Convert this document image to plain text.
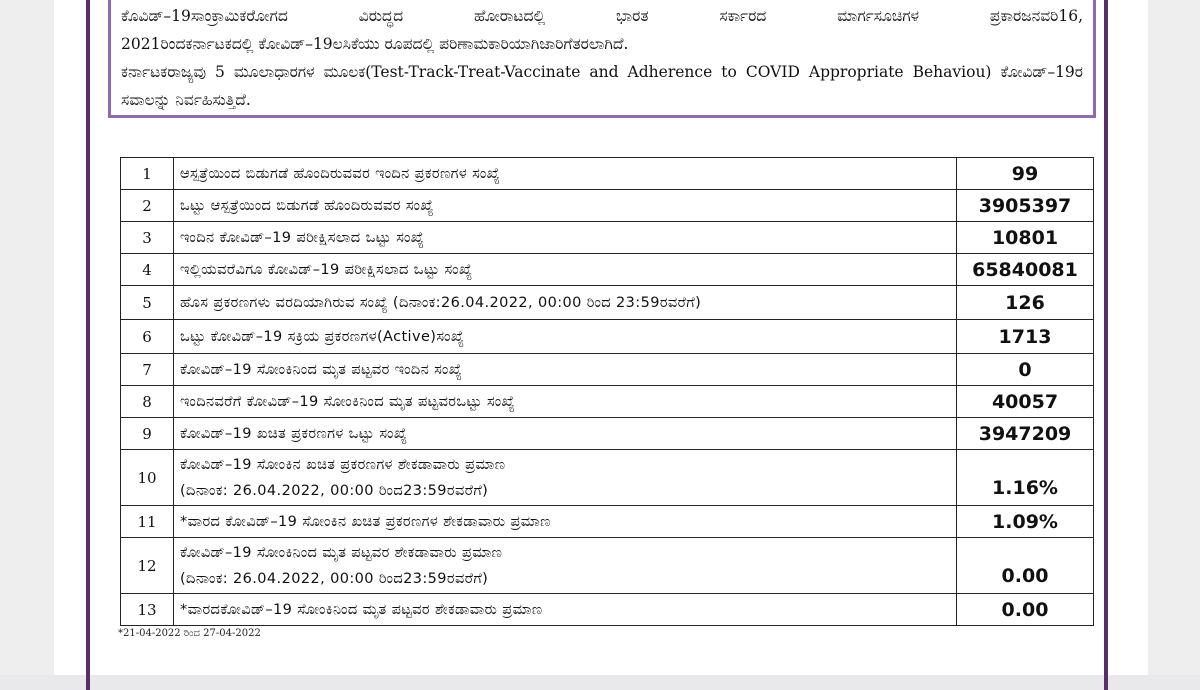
ಕೊವಿಡ್–19ಸಾಂಕ್ರಾಮಿಕರೋಗದ ವಿರುದ್ಧದ ಹೋರಾಟದಲ್ಲಿ ಭಾರತ ಸರ್ಕಾರದ ಮಾರ್ಗಸೂಚಿಗಳ ಪ್ರಕಾರಜನವರಿ16,

2021ರಿಂದಕರ್ನಾಟಕದಲ್ಲಿ ಕೋವಿಡ್–19ಲಸಿಕೆಯು ರೂಪದಲ್ಲಿ ಪರಿಣಾಮಕಾರಿಯಾಗಿಜಾರಿಗೆತರಲಾಗಿದೆ.

ಕರ್ನಾಟಕರಾಜ್ಯವು 5 ಮೂಲಾಧಾರಗಳ ಮೂಲಕ(Test-Track-Treat-Vaccinate and Adherence to COVID Appropriate Behaviou) ಕೋವಿಡ್–19ರ ಸವಾಲನ್ನು ನಿರ್ವಹಿಸುತ್ತಿದೆ.

1	ಆಸ್ಪತ್ರೆಯಿಂದ ಬಿಡುಗಡೆ ಹೊಂದಿರುವವರ ಇಂದಿನ ಪ್ರಕರಣಗಳ ಸಂಖ್ಯೆ	99
2	ಒಟ್ಟು ಆಸ್ಪತ್ರೆಯಿಂದ ಬಿಡುಗಡೆ ಹೊಂದಿರುವವರ ಸಂಖ್ಯೆ	3905397
3	ಇಂದಿನ ಕೋವಿಡ್–19 ಪರೀಕ್ಷಿಸಲಾದ ಒಟ್ಟು ಸಂಖ್ಯೆ	10801
4	ಇಲ್ಲಿಯವರೆವಿಗೂ ಕೋವಿಡ್–19 ಪರೀಕ್ಷಿಸಲಾದ ಒಟ್ಟು ಸಂಖ್ಯೆ	65840081
5	ಹೊಸ ಪ್ರಕರಣಗಳು ವರದಿಯಾಗಿರುವ ಸಂಖ್ಯೆ (ದಿನಾಂಕ:26.04.2022, 00:00 ರಿಂದ 23:59ರವರೆಗೆ)	126
6	ಒಟ್ಟು ಕೋವಿಡ್–19 ಸಕ್ರಿಯ ಪ್ರಕರಣಗಳ(Active)ಸಂಖ್ಯೆ	1713
7	ಕೋವಿಡ್–19 ಸೋಂಕಿನಿಂದ ಮೃತ ಪಟ್ಟವರ ಇಂದಿನ ಸಂಖ್ಯೆ	0
8	ಇಂದಿನವರೆಗೆ ಕೋವಿಡ್–19 ಸೋಂಕಿನಿಂದ ಮೃತ ಪಟ್ಟವರಒಟ್ಟು ಸಂಖ್ಯೆ	40057
9	ಕೋವಿಡ್–19 ಖಚಿತ ಪ್ರಕರಣಗಳ ಒಟ್ಟು ಸಂಖ್ಯೆ	3947209
10	ಕೋವಿಡ್–19 ಸೋಂಕಿನ ಖಚಿತ ಪ್ರಕರಣಗಳ ಶೇಕಡಾವಾರು ಪ್ರಮಾಣ
(ದಿನಾಂಕ: 26.04.2022, 00:00 ರಿಂದ23:59ರವರೆಗೆ)	1.16%
11	*ವಾರದ ಕೋವಿಡ್–19 ಸೋಂಕಿನ ಖಚಿತ ಪ್ರಕರಣಗಳ ಶೇಕಡಾವಾರು ಪ್ರಮಾಣ	1.09%
12	ಕೋವಿಡ್–19 ಸೋಂಕಿನಿಂದ ಮೃತ ಪಟ್ಟವರ ಶೇಕಡಾವಾರು ಪ್ರಮಾಣ
(ದಿನಾಂಕ: 26.04.2022, 00:00 ರಿಂದ23:59ರವರೆಗೆ)	0.00
13	*ವಾರದಕೋವಿಡ್–19 ಸೋಂಕಿನಿಂದ ಮೃತ ಪಟ್ಟವರ ಶೇಕಡಾವಾರು ಪ್ರಮಾಣ	0.00
*21-04-2022 ರಿಂದ 27-04-2022
